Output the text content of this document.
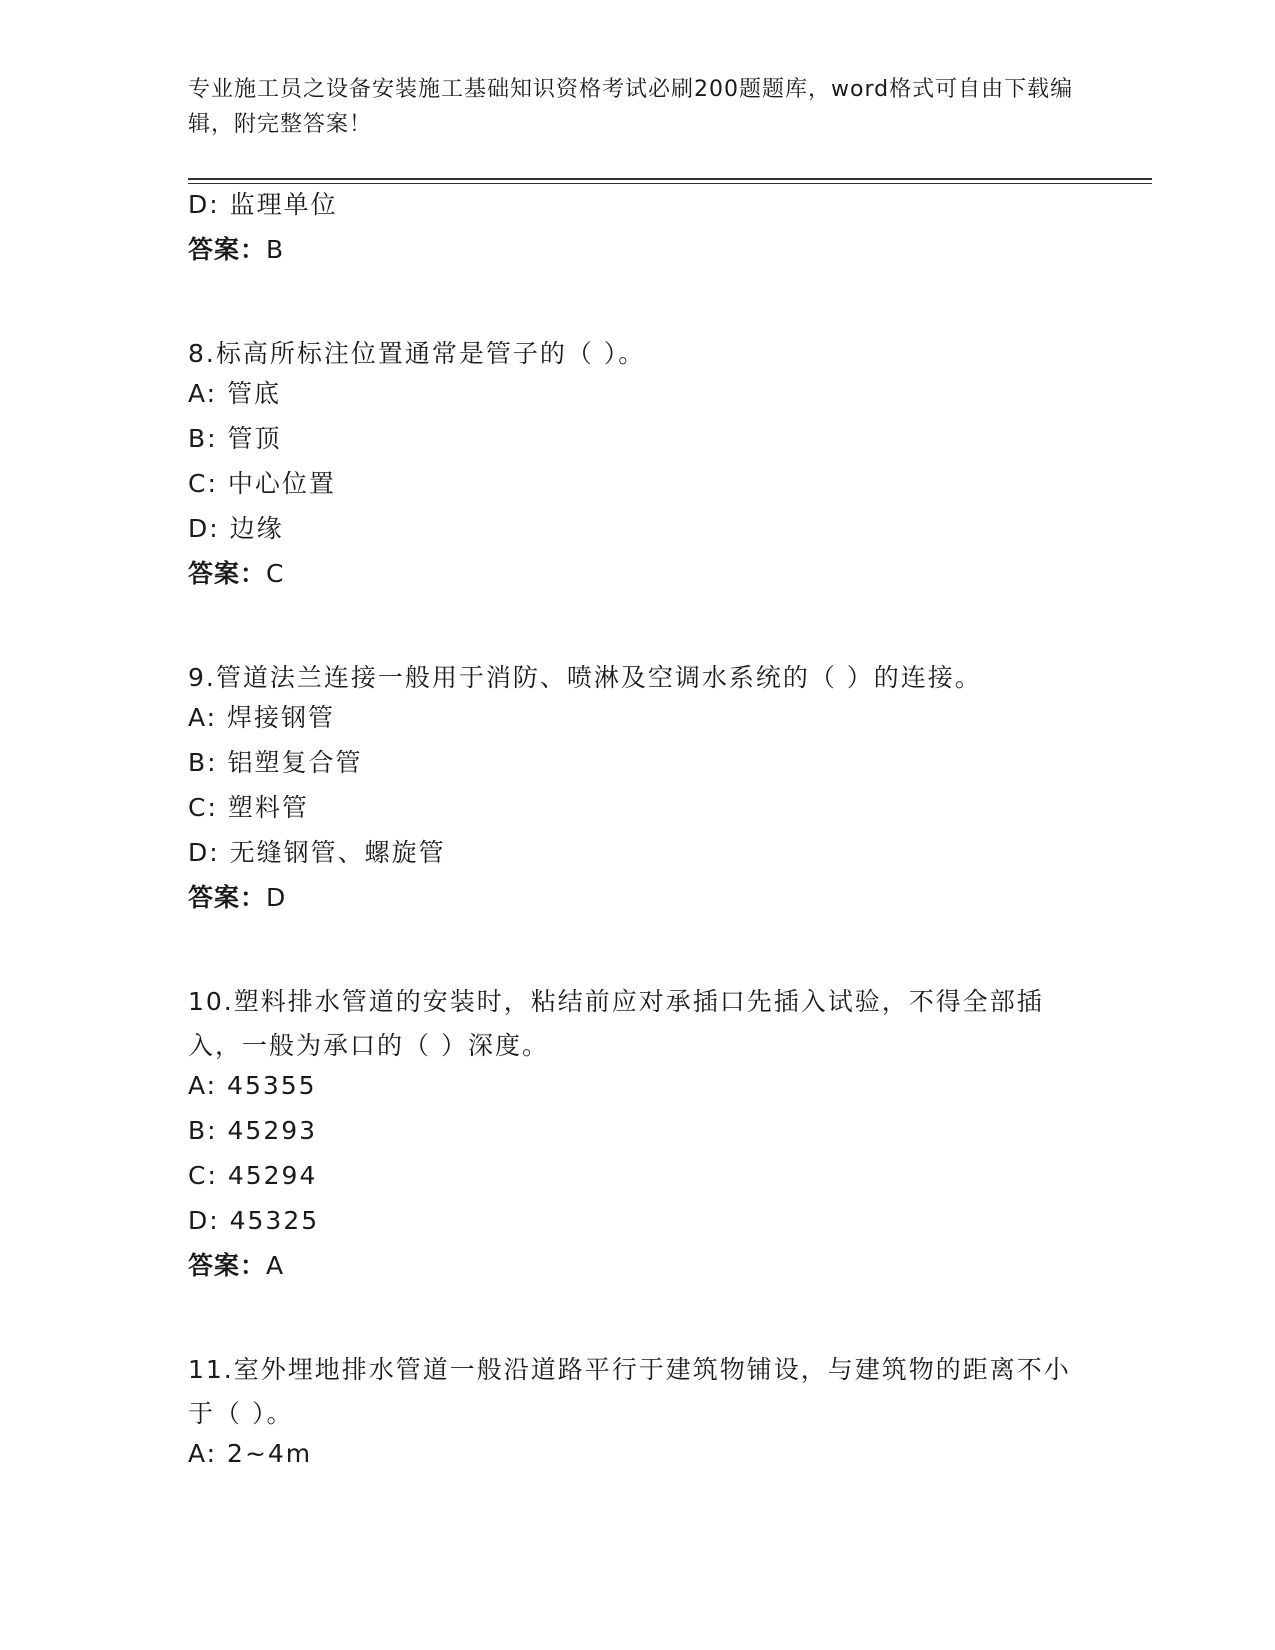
专业施工员之设备安装施工基础知识资格考试必刷200题题库，word格式可自由下载编辑，附完整答案！
D: 监理单位
答案：B
8.标高所标注位置通常是管子的（ ）。
A: 管底
B: 管顶
C: 中心位置
D: 边缘
答案：C
9.管道法兰连接一般用于消防、喷淋及空调水系统的（ ）的连接。
A: 焊接钢管
B: 铝塑复合管
C: 塑料管
D: 无缝钢管、螺旋管
答案：D
10.塑料排水管道的安装时，粘结前应对承插口先插入试验，不得全部插入，一般为承口的（ ）深度。
A: 45355
B: 45293
C: 45294
D: 45325
答案：A
11.室外埋地排水管道一般沿道路平行于建筑物铺设，与建筑物的距离不小于（ ）。
A: 2~4m
